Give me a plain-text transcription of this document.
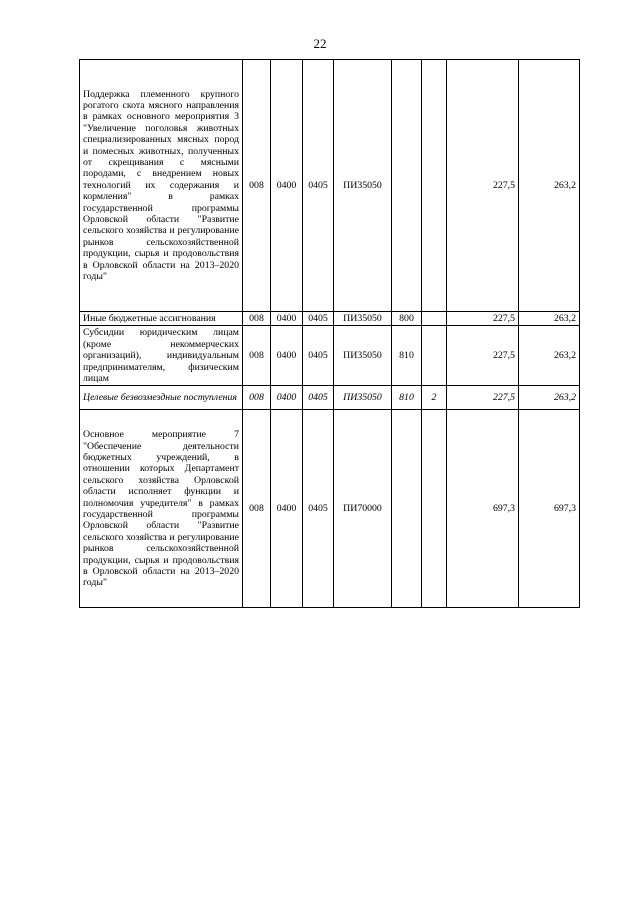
22
Поддержка племенного крупного рогатого скота мясного направления в рамках основного мероприятия 3 "Увеличение поголовья животных специализированных мясных пород и помесных животных, полученных от скрещивания с мясными породами, с внедрением новых технологий их содержания и кормления" в рамках государственной программы Орловской области "Развитие сельского хозяйства и регулирование рынков сельскохозяйственной продукции, сырья и продовольствия в Орловской области на 2013–2020 годы"	008	0400	0405	ПИ35050			227,5	263,2
Иные бюджетные ассигнования	008	0400	0405	ПИ35050	800		227,5	263,2
Субсидии юридическим лицам (кроме некоммерческих организаций), индивидуальным предпринимателям, физическим лицам	008	0400	0405	ПИ35050	810		227,5	263,2
Целевые безвозмездные поступления	008	0400	0405	ПИ35050	810	2	227,5	263,2
Основное мероприятие 7 "Обеспечение деятельности бюджетных учреждений, в отношении которых Департамент сельского хозяйства Орловской области исполняет функции и полномочия учредителя" в рамках государственной программы Орловской области "Развитие сельского хозяйства и регулирование рынков сельскохозяйственной продукции, сырья и продовольствия в Орловской области на 2013–2020 годы"	008	0400	0405	ПИ70000			697,3	697,3
